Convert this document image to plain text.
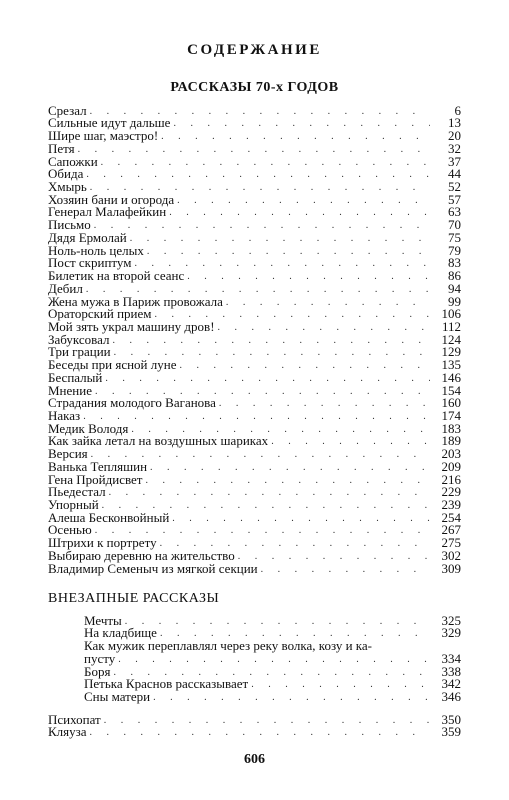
СОДЕРЖАНИЕ
РАССКАЗЫ 70-х ГОДОВ
Срезал . . .	6
Сильные идут дальше . . .	13
Шире шаг, маэстро! . . .	20
Петя . . .	32
Сапожки . . .	37
Обида . . .	44
Хмырь . . .	52
Хозяин бани и огорода . . .	57
Генерал Малафейкин . . .	63
Письмо . . .	70
Дядя Ермолай . . .	75
Ноль-ноль целых . . .	79
Пост скриптум . . .	83
Билетик на второй сеанс . . .	86
Дебил . . .	94
Жена мужа в Париж провожала . . .	99
Ораторский прием . . .	106
Мой зять украл машину дров! . . .	112
Забуксовал . . .	124
Три грации . . .	129
Беседы при ясной луне . . .	135
Беспалый . . .	146
Мнение . . .	154
Страдания молодого Ваганова . . .	160
Наказ . . .	174
Медик Володя . . .	183
Как зайка летал на воздушных шариках . . .	189
Версия . . .	203
Ванька Тепляшин . . .	209
Гена Пройдисвет . . .	216
Пьедестал . . .	229
Упорный . . .	239
Алеша Бесконвойный . . .	254
Осенью . . .	267
Штрихи к портрету . . .	275
Выбираю деревню на жительство . . .	302
Владимир Семеныч из мягкой секции . . .	309
ВНЕЗАПНЫЕ РАССКАЗЫ
Мечты . . .	325
На кладбище . . .	329
Как мужик переплавлял через реку волка, козу и ка-
пусту . . .	334
Боря . . .	338
Петька Краснов рассказывает . . .	342
Сны матери . . .	346
Психопат . . .	350
Кляуза . . .	359
606
